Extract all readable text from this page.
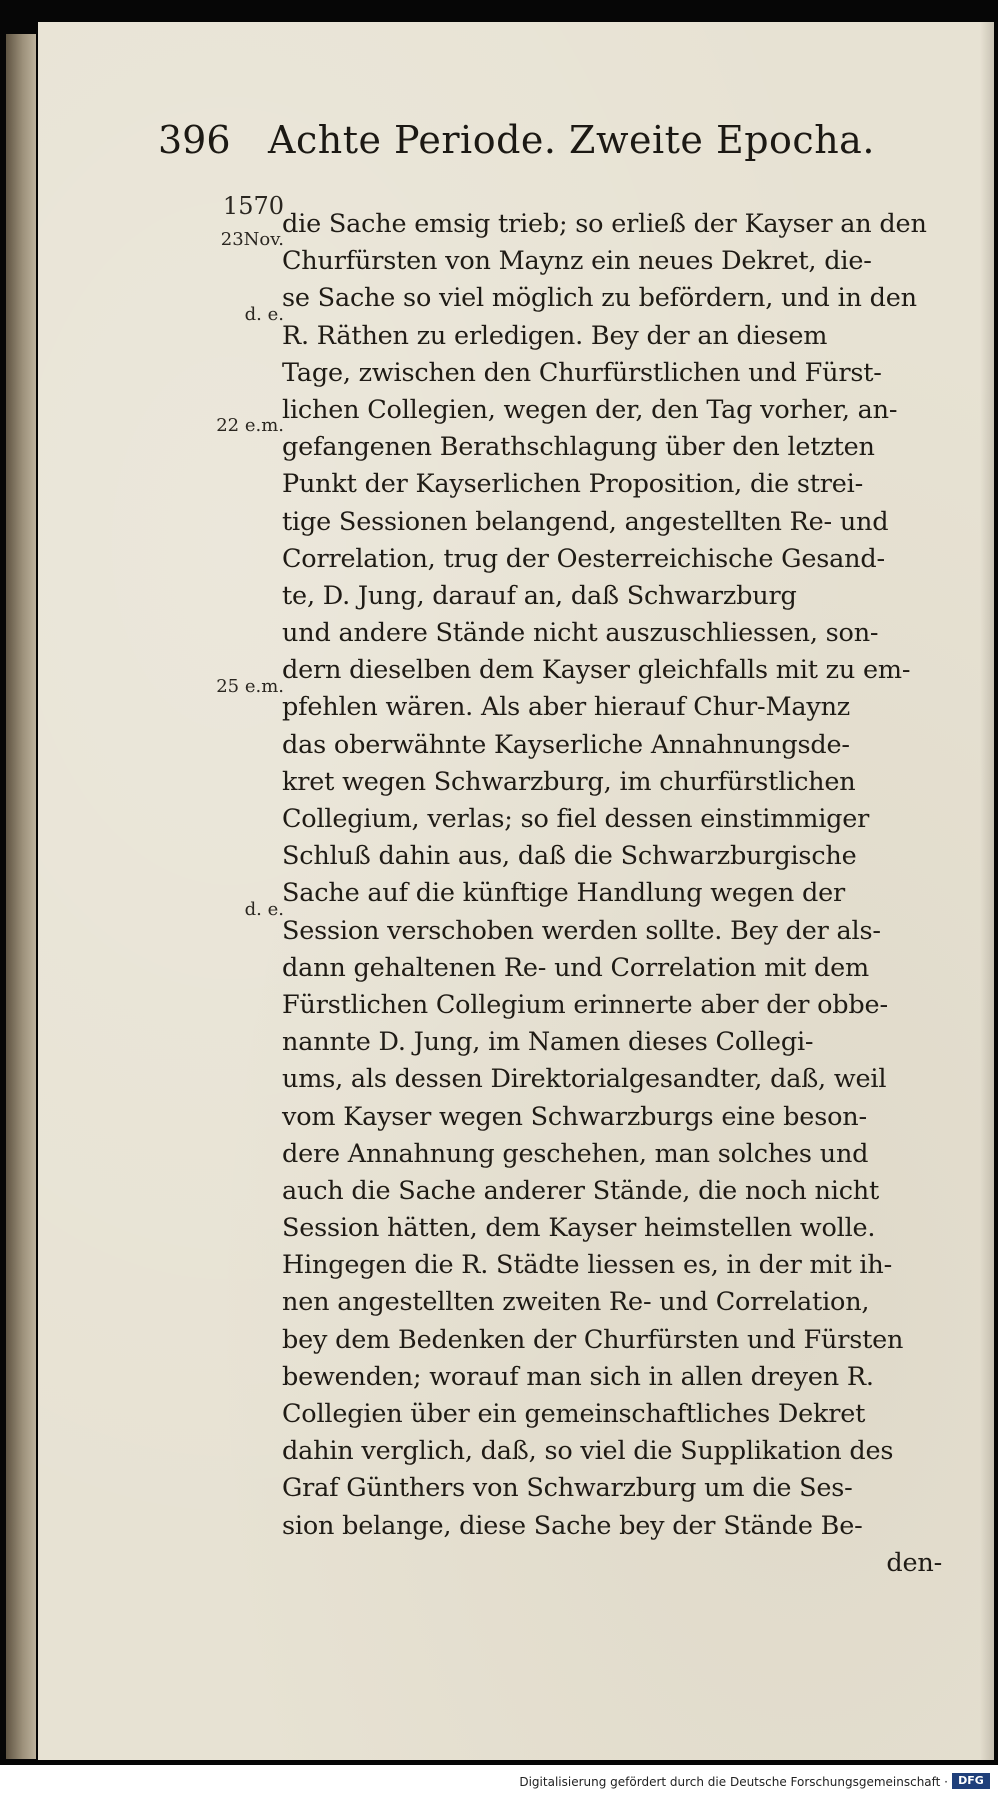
396 Achte Periode. Zweite Epocha.
1570
23Nov.
d. e.
22 e.m.
25 e.m.
d. e.
die Sache emsig trieb; so erließ der Kayser an den
Churfürsten von Maynz ein neues Dekret, die-
se Sache so viel möglich zu befördern, und in den
R. Räthen zu erledigen. Bey der an diesem
Tage, zwischen den Churfürstlichen und Fürst-
lichen Collegien, wegen der, den Tag vorher, an-
gefangenen Berathschlagung über den letzten
Punkt der Kayserlichen Proposition, die strei-
tige Sessionen belangend, angestellten Re- und
Correlation, trug der Oesterreichische Gesand-
te, D. Jung, darauf an, daß Schwarzburg
und andere Stände nicht auszuschliessen, son-
dern dieselben dem Kayser gleichfalls mit zu em-
pfehlen wären. Als aber hierauf Chur-Maynz
das oberwähnte Kayserliche Annahnungsde-
kret wegen Schwarzburg, im churfürstlichen
Collegium, verlas; so fiel dessen einstimmiger
Schluß dahin aus, daß die Schwarzburgische
Sache auf die künftige Handlung wegen der
Session verschoben werden sollte. Bey der als-
dann gehaltenen Re- und Correlation mit dem
Fürstlichen Collegium erinnerte aber der obbe-
nannte D. Jung, im Namen dieses Collegi-
ums, als dessen Direktorialgesandter, daß, weil
vom Kayser wegen Schwarzburgs eine beson-
dere Annahnung geschehen, man solches und
auch die Sache anderer Stände, die noch nicht
Session hätten, dem Kayser heimstellen wolle.
Hingegen die R. Städte liessen es, in der mit ih-
nen angestellten zweiten Re- und Correlation,
bey dem Bedenken der Churfürsten und Fürsten
bewenden; worauf man sich in allen dreyen R.
Collegien über ein gemeinschaftliches Dekret
dahin verglich, daß, so viel die Supplikation des
Graf Günthers von Schwarzburg um die Ses-
sion belange, diese Sache bey der Stände Be-
den-
Digitalisierung gefördert durch die Deutsche Forschungsgemeinschaft · DFG
